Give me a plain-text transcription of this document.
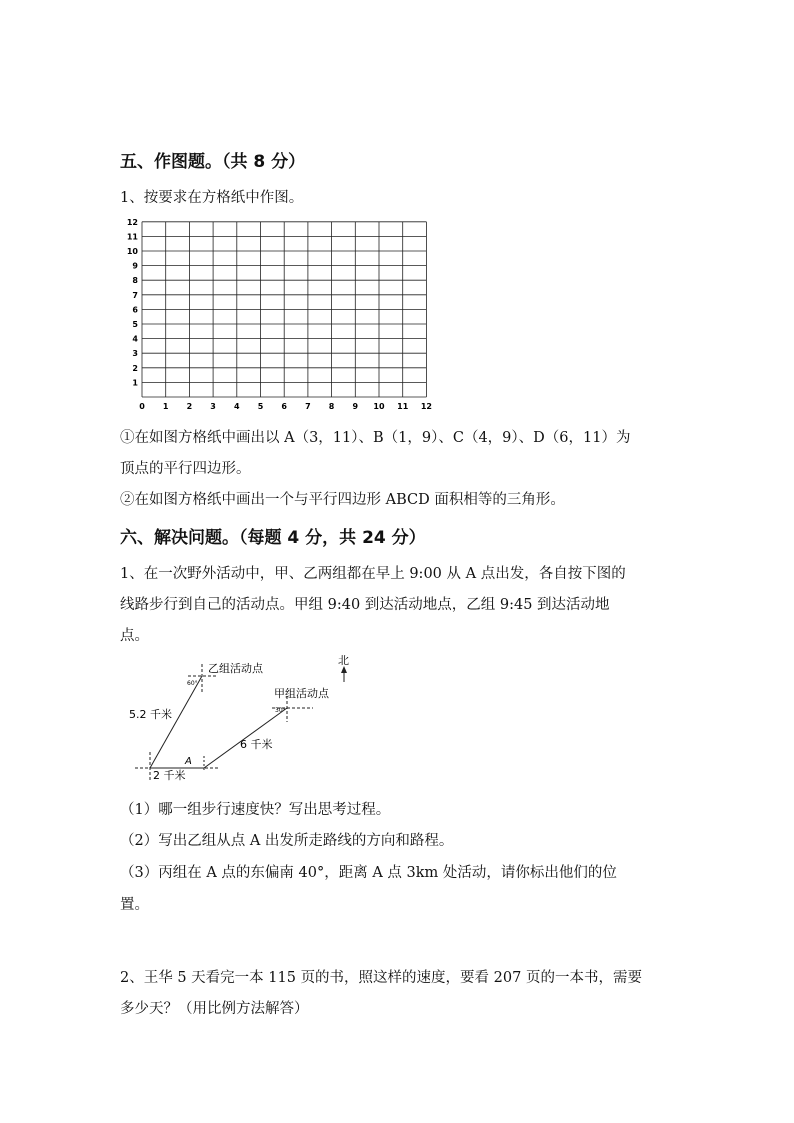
五、作图题。（共 8 分）
1、按要求在方格纸中作图。
0 1 2 3 4 5 6 7 8 9 10 11 12
1
2
3
4
5
6
7
8
9
10
11
12
①在如图方格纸中画出以 A（3，11）、B（1，9）、C（4，9）、D（6，11）为
顶点的平行四边形。
②在如图方格纸中画出一个与平行四边形 ABCD 面积相等的三角形。
六、解决问题。（每题 4 分，共 24 分）
1、在一次野外活动中，甲、乙两组都在早上 9:00 从 A 点出发，各自按下图的
线路步行到自己的活动点。甲组 9:40 到达活动地点，乙组 9:45 到达活动地
点。
北
乙组活动点
甲组活动点
5.2 千米
6 千米
2 千米
A
60°
30°
（1）哪一组步行速度快？写出思考过程。
（2）写出乙组从点 A 出发所走路线的方向和路程。
（3）丙组在 A 点的东偏南 40°，距离 A 点 3km 处活动，请你标出他们的位
置。
2、王华 5 天看完一本 115 页的书，照这样的速度，要看 207 页的一本书，需要
多少天？（用比例方法解答）
